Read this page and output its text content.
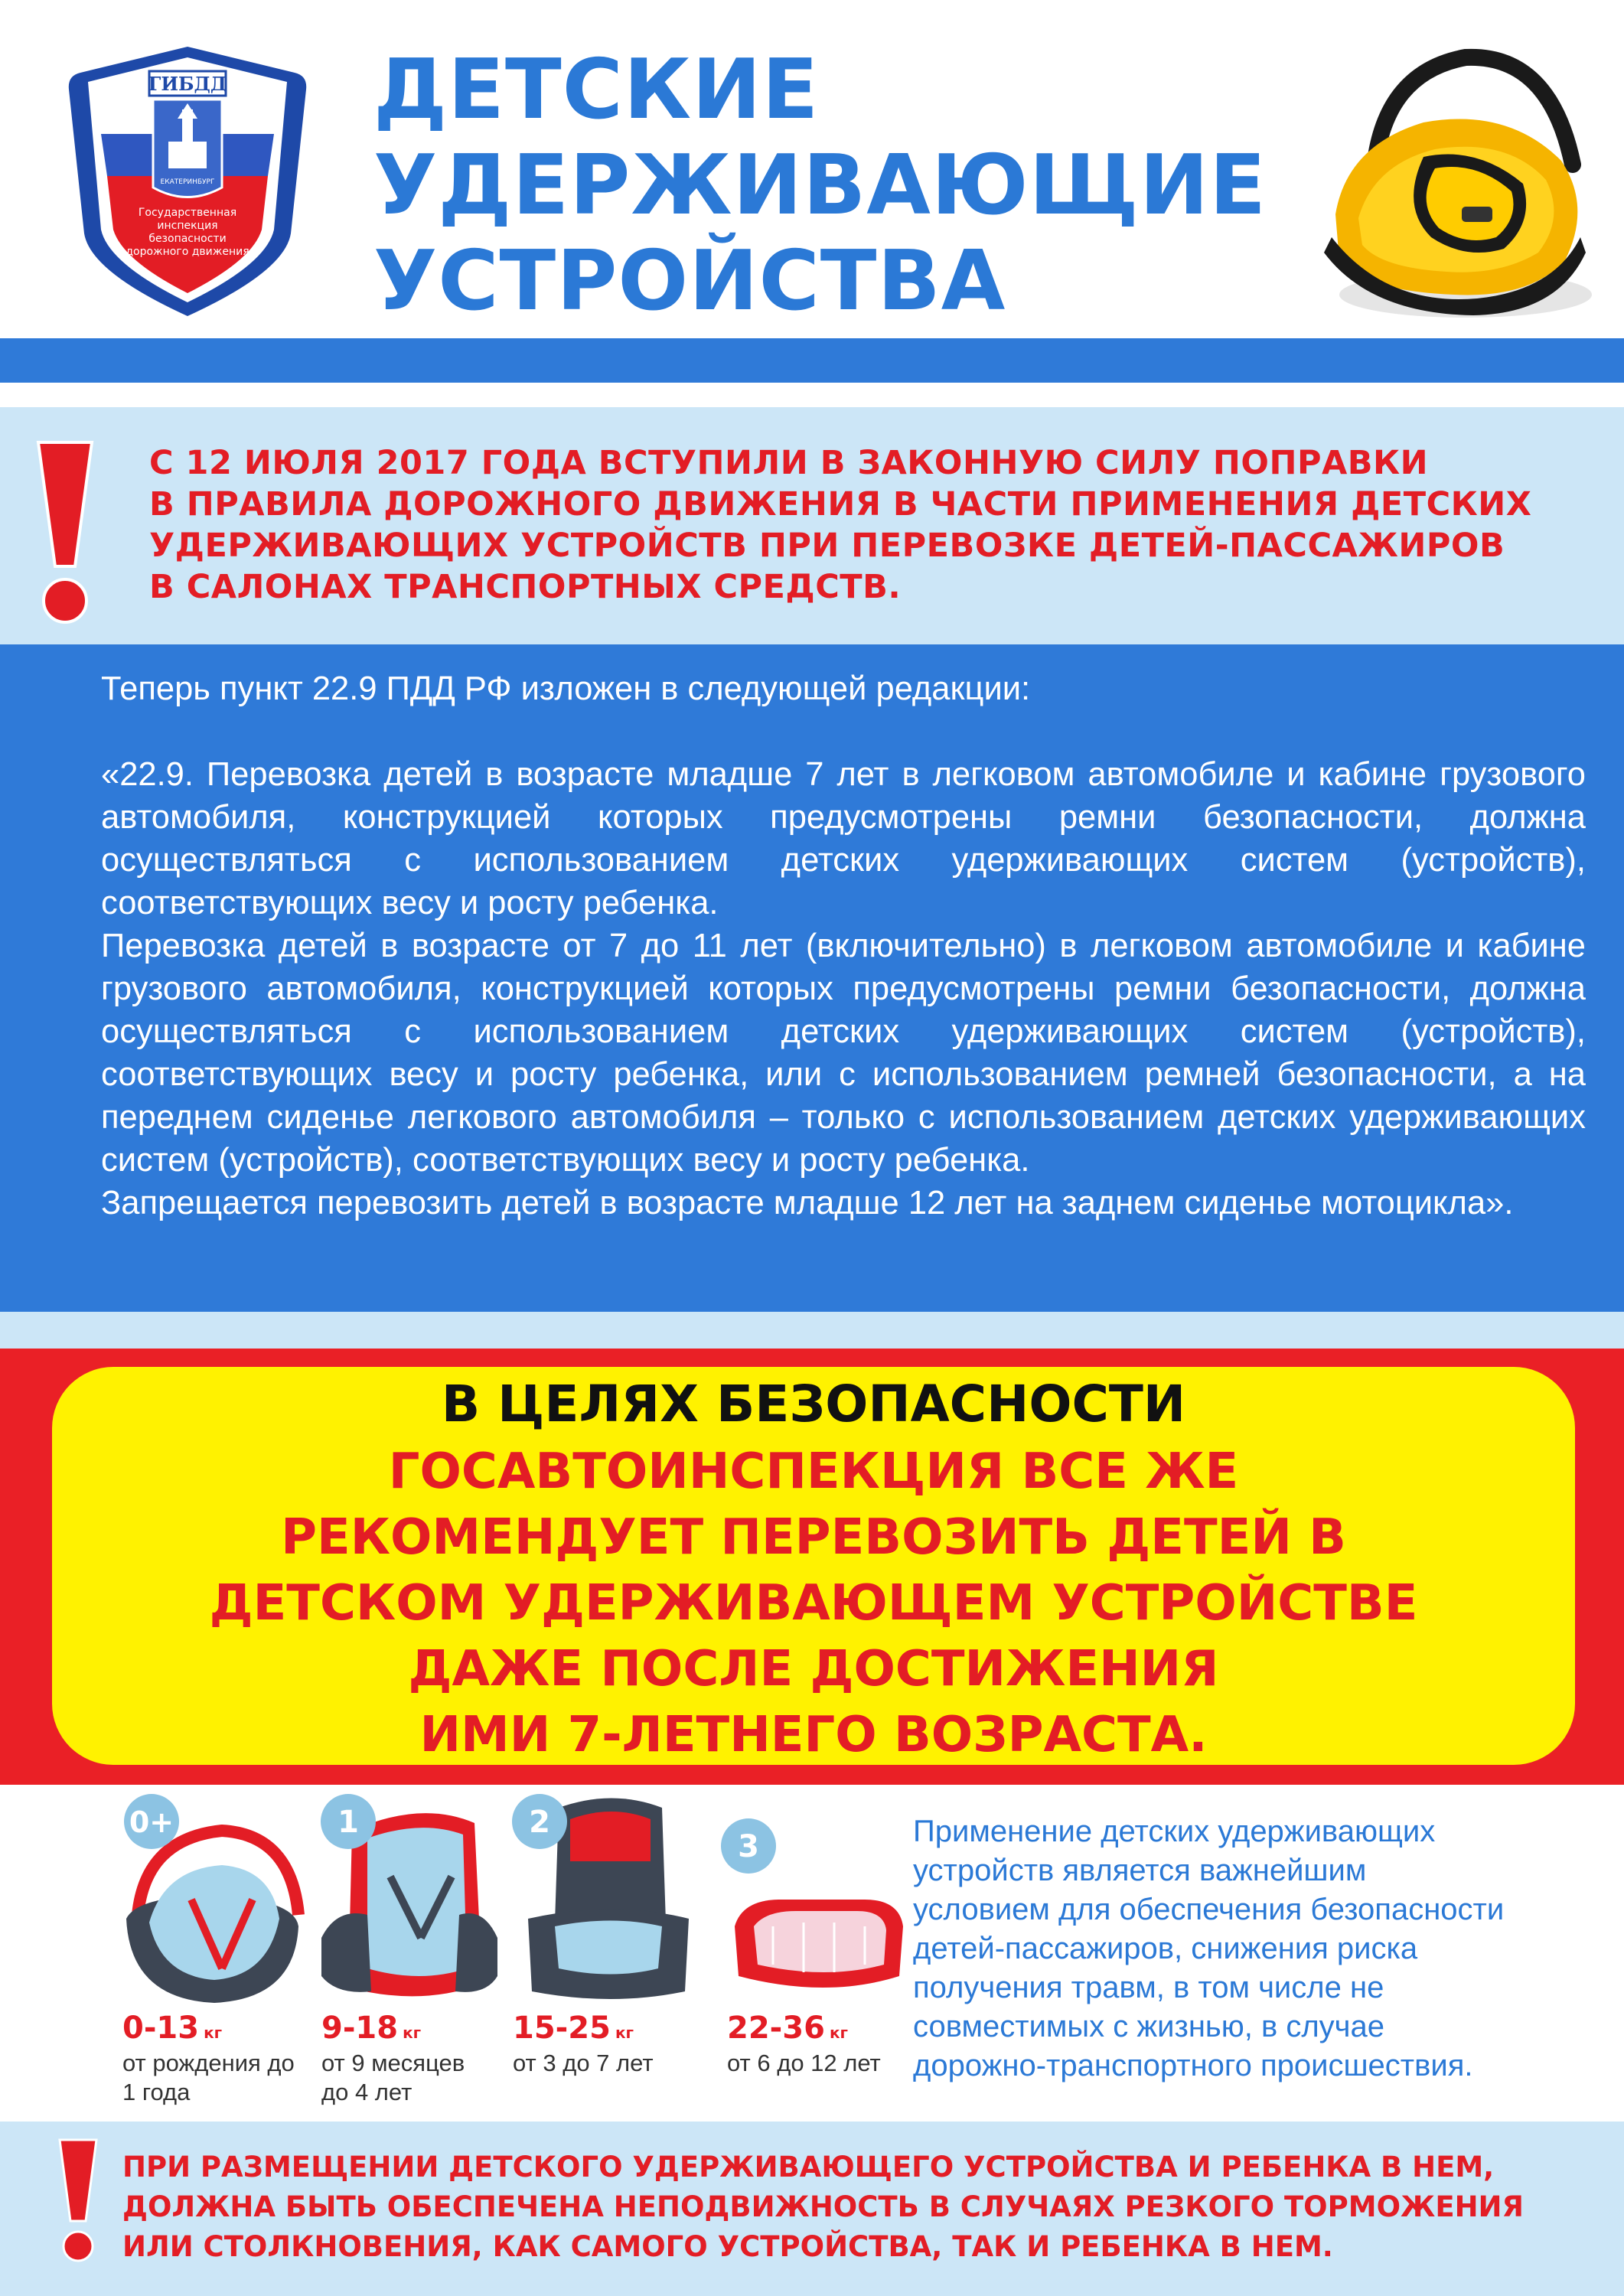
ГИБДД
ЕКАТЕРИНБУРГ
Государственная инспекция безопасности дорожного движения
ДЕТСКИЕ
УДЕРЖИВАЮЩИЕ
УСТРОЙСТВА
С 12 ИЮЛЯ 2017 ГОДА ВСТУПИЛИ В ЗАКОННУЮ СИЛУ ПОПРАВКИ
В ПРАВИЛА ДОРОЖНОГО ДВИЖЕНИЯ В ЧАСТИ ПРИМЕНЕНИЯ ДЕТСКИХ
УДЕРЖИВАЮЩИХ УСТРОЙСТВ ПРИ ПЕРЕВОЗКЕ ДЕТЕЙ-ПАССАЖИРОВ
В САЛОНАХ ТРАНСПОРТНЫХ СРЕДСТВ.

Теперь пункт 22.9 ПДД РФ изложен в следующей редакции:

«22.9. Перевозка детей в возрасте младше 7 лет в легковом автомобиле и кабине грузового автомобиля, конструкцией которых предусмотрены ремни безопасности, должна осуществляться с использованием детских удерживающих систем (устройств), соответствующих весу и росту ребенка.

Перевозка детей в возрасте от 7 до 11 лет (включительно) в легковом автомобиле и кабине грузового автомобиля, конструкцией которых предусмотрены ремни безопасности, должна осуществляться с использованием детских удерживающих систем (устройств), соответствующих весу и росту ребенка, или с использованием ремней безопасности, а на переднем сиденье легкового автомобиля – только с использованием детских удерживающих систем (устройств), соответствующих весу и росту ребенка.

Запрещается перевозить детей в возрасте младше 12 лет на заднем сиденье мотоцикла».

В ЦЕЛЯХ БЕЗОПАСНОСТИ
ГОСАВТОИНСПЕКЦИЯ ВСЕ ЖЕ
РЕКОМЕНДУЕТ ПЕРЕВОЗИТЬ ДЕТЕЙ В
ДЕТСКОМ УДЕРЖИВАЮЩЕМ УСТРОЙСТВЕ
ДАЖЕ ПОСЛЕ ДОСТИЖЕНИЯ
ИМИ 7-ЛЕТНЕГО ВОЗРАСТА.
0+
0-13 кг
от рождения до 1 года
1
9-18 кг
от 9 месяцев до 4 лет
2
15-25 кг
от 3 до 7 лет
3
22-36 кг
от 6 до 12 лет
Применение детских удерживающих
устройств является важнейшим
условием для обеспечения безопасности
детей-пассажиров, снижения риска
получения травм, в том числе не
совместимых с жизнью, в случае
дорожно-транспортного происшествия.
ПРИ РАЗМЕЩЕНИИ ДЕТСКОГО УДЕРЖИВАЮЩЕГО УСТРОЙСТВА И РЕБЕНКА В НЕМ,
ДОЛЖНА БЫТЬ ОБЕСПЕЧЕНА НЕПОДВИЖНОСТЬ В СЛУЧАЯХ РЕЗКОГО ТОРМОЖЕНИЯ
ИЛИ СТОЛКНОВЕНИЯ, КАК САМОГО УСТРОЙСТВА, ТАК И РЕБЕНКА В НЕМ.
